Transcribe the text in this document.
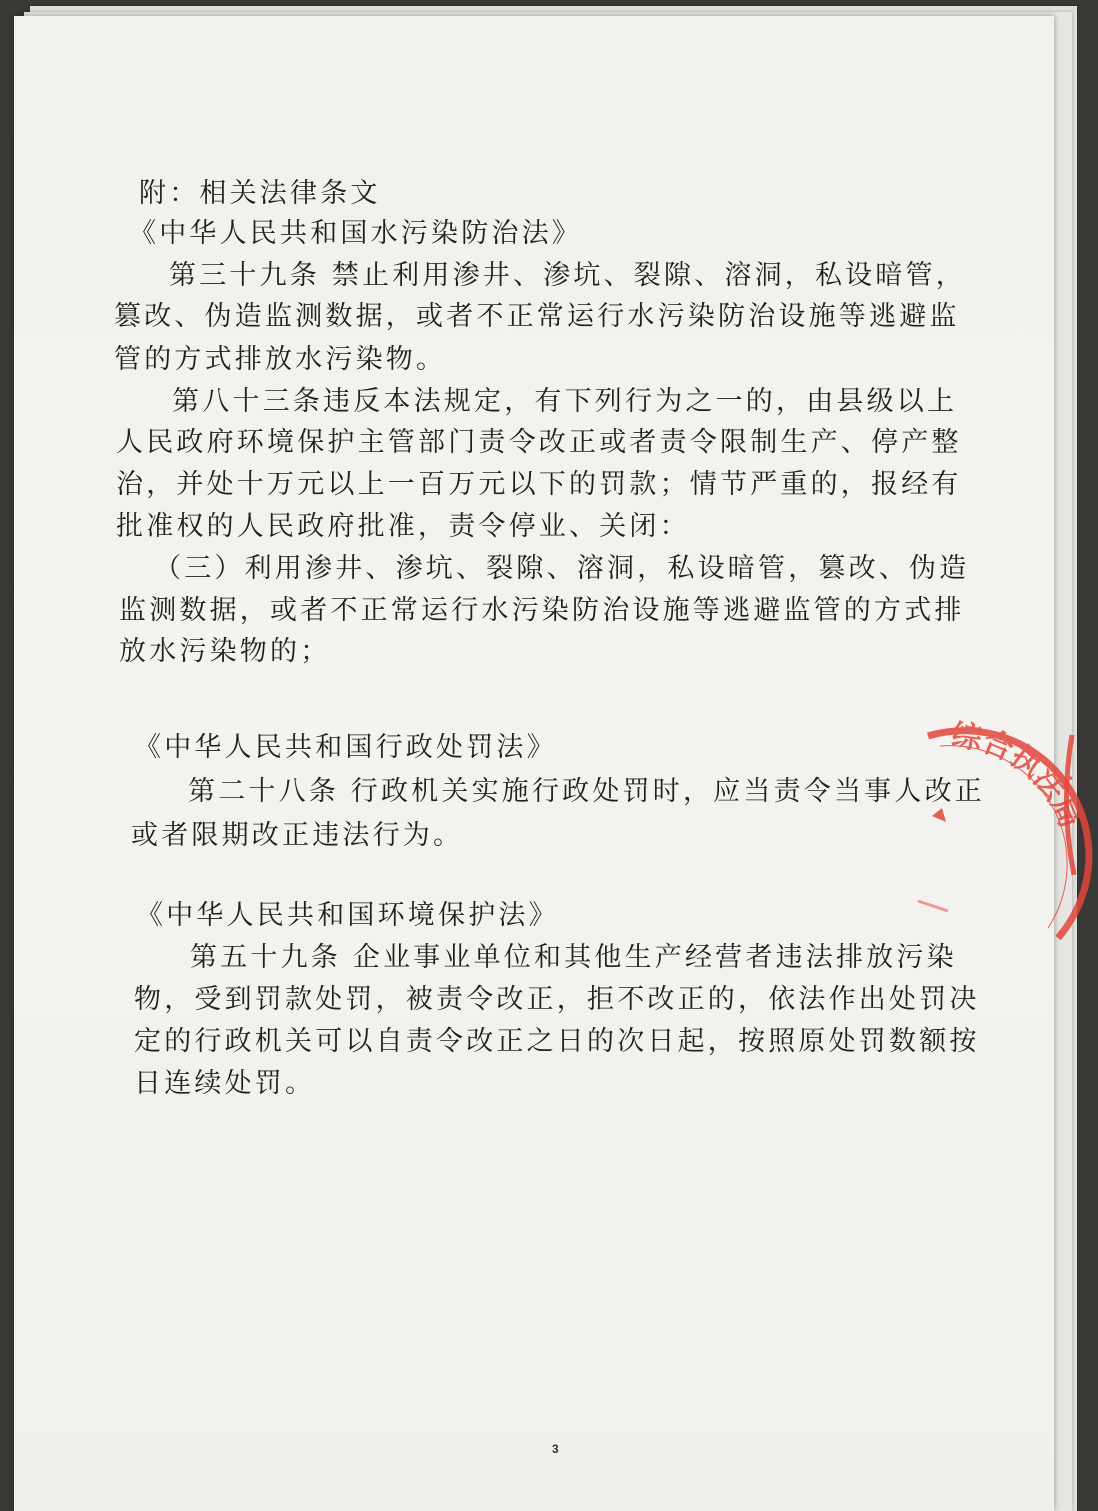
附：相关法律条文
《中华人民共和国水污染防治法》
第三十九条 禁止利用渗井、渗坑、裂隙、溶洞，私设暗管，
篡改、伪造监测数据，或者不正常运行水污染防治设施等逃避监
管的方式排放水污染物。
第八十三条违反本法规定，有下列行为之一的，由县级以上
人民政府环境保护主管部门责令改正或者责令限制生产、停产整
治，并处十万元以上一百万元以下的罚款；情节严重的，报经有
批准权的人民政府批准，责令停业、关闭：
（三）利用渗井、渗坑、裂隙、溶洞，私设暗管，篡改、伪造
监测数据，或者不正常运行水污染防治设施等逃避监管的方式排
放水污染物的；
《中华人民共和国行政处罚法》
第二十八条 行政机关实施行政处罚时，应当责令当事人改正
或者限期改正违法行为。
《中华人民共和国环境保护法》
第五十九条 企业事业单位和其他生产经营者违法排放污染
物，受到罚款处罚，被责令改正，拒不改正的，依法作出处罚决
定的行政机关可以自责令改正之日的次日起，按照原处罚数额按
日连续处罚。
3
综合执法局
